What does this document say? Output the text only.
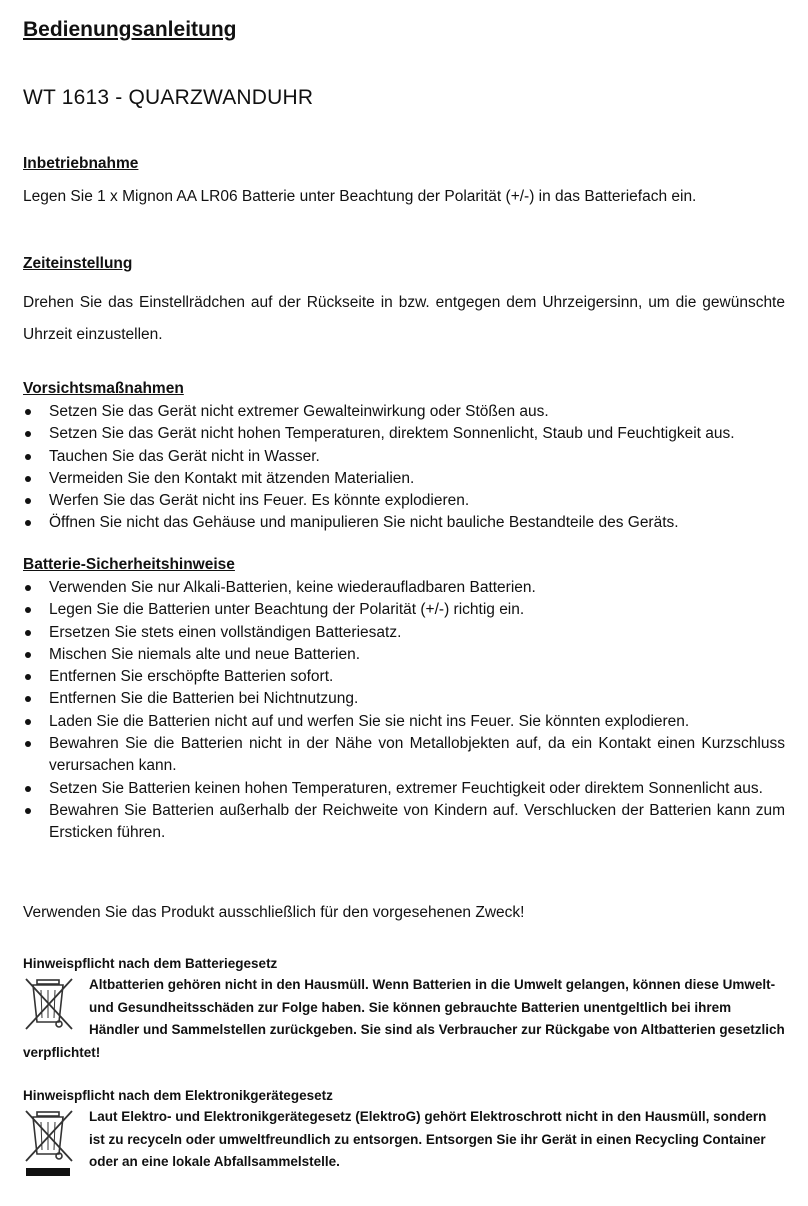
Bedienungsanleitung
WT 1613 - QUARZWANDUHR
Inbetriebnahme

Legen Sie 1 x Mignon AA LR06 Batterie unter Beachtung der Polarität (+/-) in das Batteriefach ein.

Zeiteinstellung

Drehen Sie das Einstellrädchen auf der Rückseite in bzw. entgegen dem Uhrzeigersinn, um die gewünschte Uhrzeit einzustellen.

Vorsichtsmaßnahmen
Setzen Sie das Gerät nicht extremer Gewalteinwirkung oder Stößen aus.
Setzen Sie das Gerät nicht hohen Temperaturen, direktem Sonnenlicht, Staub und Feuchtigkeit aus.
Tauchen Sie das Gerät nicht in Wasser.
Vermeiden Sie den Kontakt mit ätzenden Materialien.
Werfen Sie das Gerät nicht ins Feuer. Es könnte explodieren.
Öffnen Sie nicht das Gehäuse und manipulieren Sie nicht bauliche Bestandteile des Geräts.
Batterie-Sicherheitshinweise
Verwenden Sie nur Alkali-Batterien, keine wiederaufladbaren Batterien.
Legen Sie die Batterien unter Beachtung der Polarität (+/-) richtig ein.
Ersetzen Sie stets einen vollständigen Batteriesatz.
Mischen Sie niemals alte und neue Batterien.
Entfernen Sie erschöpfte Batterien sofort.
Entfernen Sie die Batterien bei Nichtnutzung.
Laden Sie die Batterien nicht auf und werfen Sie sie nicht ins Feuer. Sie könnten explodieren.
Bewahren Sie die Batterien nicht in der Nähe von Metallobjekten auf, da ein Kontakt einen Kurzschluss verursachen kann.
Setzen Sie Batterien keinen hohen Temperaturen, extremer Feuchtigkeit oder direktem Sonnenlicht aus.
Bewahren Sie Batterien außerhalb der Reichweite von Kindern auf. Verschlucken der Batterien kann zum Ersticken führen.

Verwenden Sie das Produkt ausschließlich für den vorgesehenen Zweck!

Hinweispflicht nach dem Batteriegesetz
Altbatterien gehören nicht in den Hausmüll. Wenn Batterien in die Umwelt gelangen, können diese Umwelt- und Gesundheitsschäden zur Folge haben. Sie können gebrauchte Batterien unentgeltlich bei ihrem Händler und Sammelstellen zurückgeben. Sie sind als Verbraucher zur Rückgabe von Altbatterien gesetzlich verpflichtet!
Hinweispflicht nach dem Elektronikgerätegesetz
Laut Elektro- und Elektronikgerätegesetz (ElektroG) gehört Elektroschrott nicht in den Hausmüll, sondern ist zu recyceln oder umweltfreundlich zu entsorgen. Entsorgen Sie ihr Gerät in einen Recycling Container oder an eine lokale Abfallsammelstelle.
